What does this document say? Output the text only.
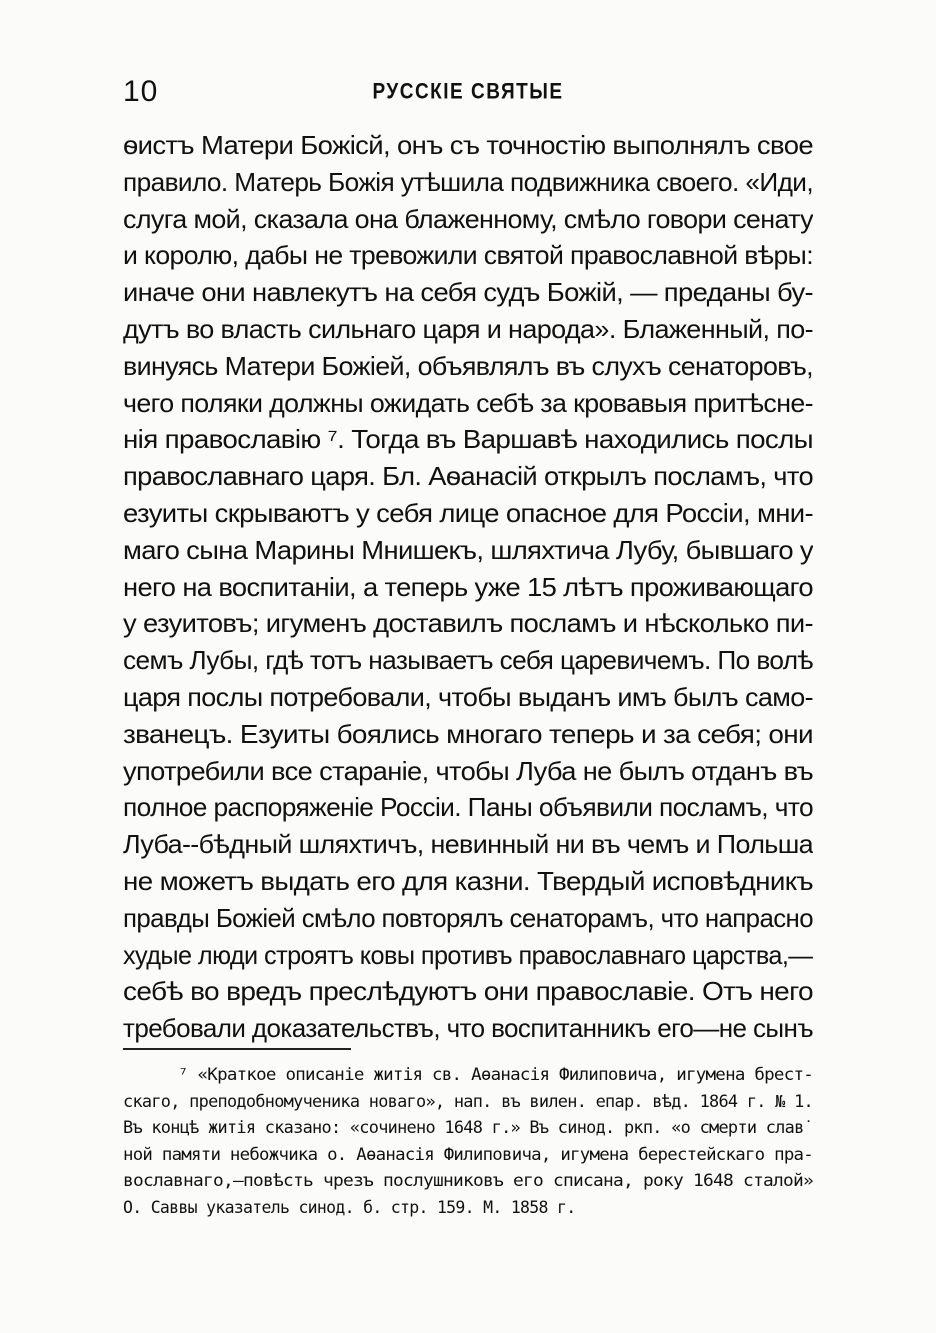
10	РУССКІЕ СВЯТЫЕ
ѳистъ Матери Божісй, онъ съ точностію выполнялъ свое
правило. Матерь Божія утѣшила подвижника своего. «Иди,
слуга мой, сказала она блаженному, смѣло говори сенату
и королю, дабы не тревожили святой православной вѣры:
иначе они навлекутъ на себя судъ Божій, — преданы бу-
дутъ во власть сильнаго царя и народа». Блаженный, по-
винуясь Матери Божіей, объявлялъ въ слухъ сенаторовъ,
чего поляки должны ожидать себѣ за кровавыя притѣсне-
нія православію ⁷. Тогда въ Варшавѣ находились послы
православнаго царя. Бл. Аѳанасій открылъ посламъ, что
езуиты скрываютъ у себя лице опасное для Россіи, мни-
маго сына Марины Мнишекъ, шляхтича Лубу, бывшаго у
него на воспитаніи, а теперь уже 15 лѣтъ проживающаго
у езуитовъ; игуменъ доставилъ посламъ и нѣсколько пи-
семъ Лубы, гдѣ тотъ называетъ себя царевичемъ. По волѣ
царя послы потребовали, чтобы выданъ имъ былъ само-
званецъ. Езуиты боялись многаго теперь и за себя; они
употребили все стараніе, чтобы Луба не былъ отданъ въ
полное распоряженіе Россіи. Паны объявили посламъ, что
Луба--бѣдный шляхтичъ, невинный ни въ чемъ и Польша
не можетъ выдать его для казни. Твердый исповѣдникъ
правды Божіей смѣло повторялъ сенаторамъ, что напрасно
худые люди строятъ ковы противъ православнаго царства,—
себѣ во вредъ преслѣдуютъ они православіе. Отъ него
требовали доказательствъ, что воспитанникъ его—не сынъ
⁷ «Краткое описаніе житія св. Аѳанасія Филиповича, игумена брест-
скаго, преподобномученика новаго», нап. въ вилен. епар. вѣд. 1864 г. № 1.
Въ концѣ житія сказано: «сочинено 1648 г.» Въ синод. ркп. «о смерти слав˙
ной памяти небожчика о. Аѳанасія Филиповича, игумена берестейскаго пра-
вославнаго,—повѣсть чрезъ послушниковъ его списана, року 1648 сталой»
О. Саввы указатель синод. б. стр. 159. М. 1858 г.
